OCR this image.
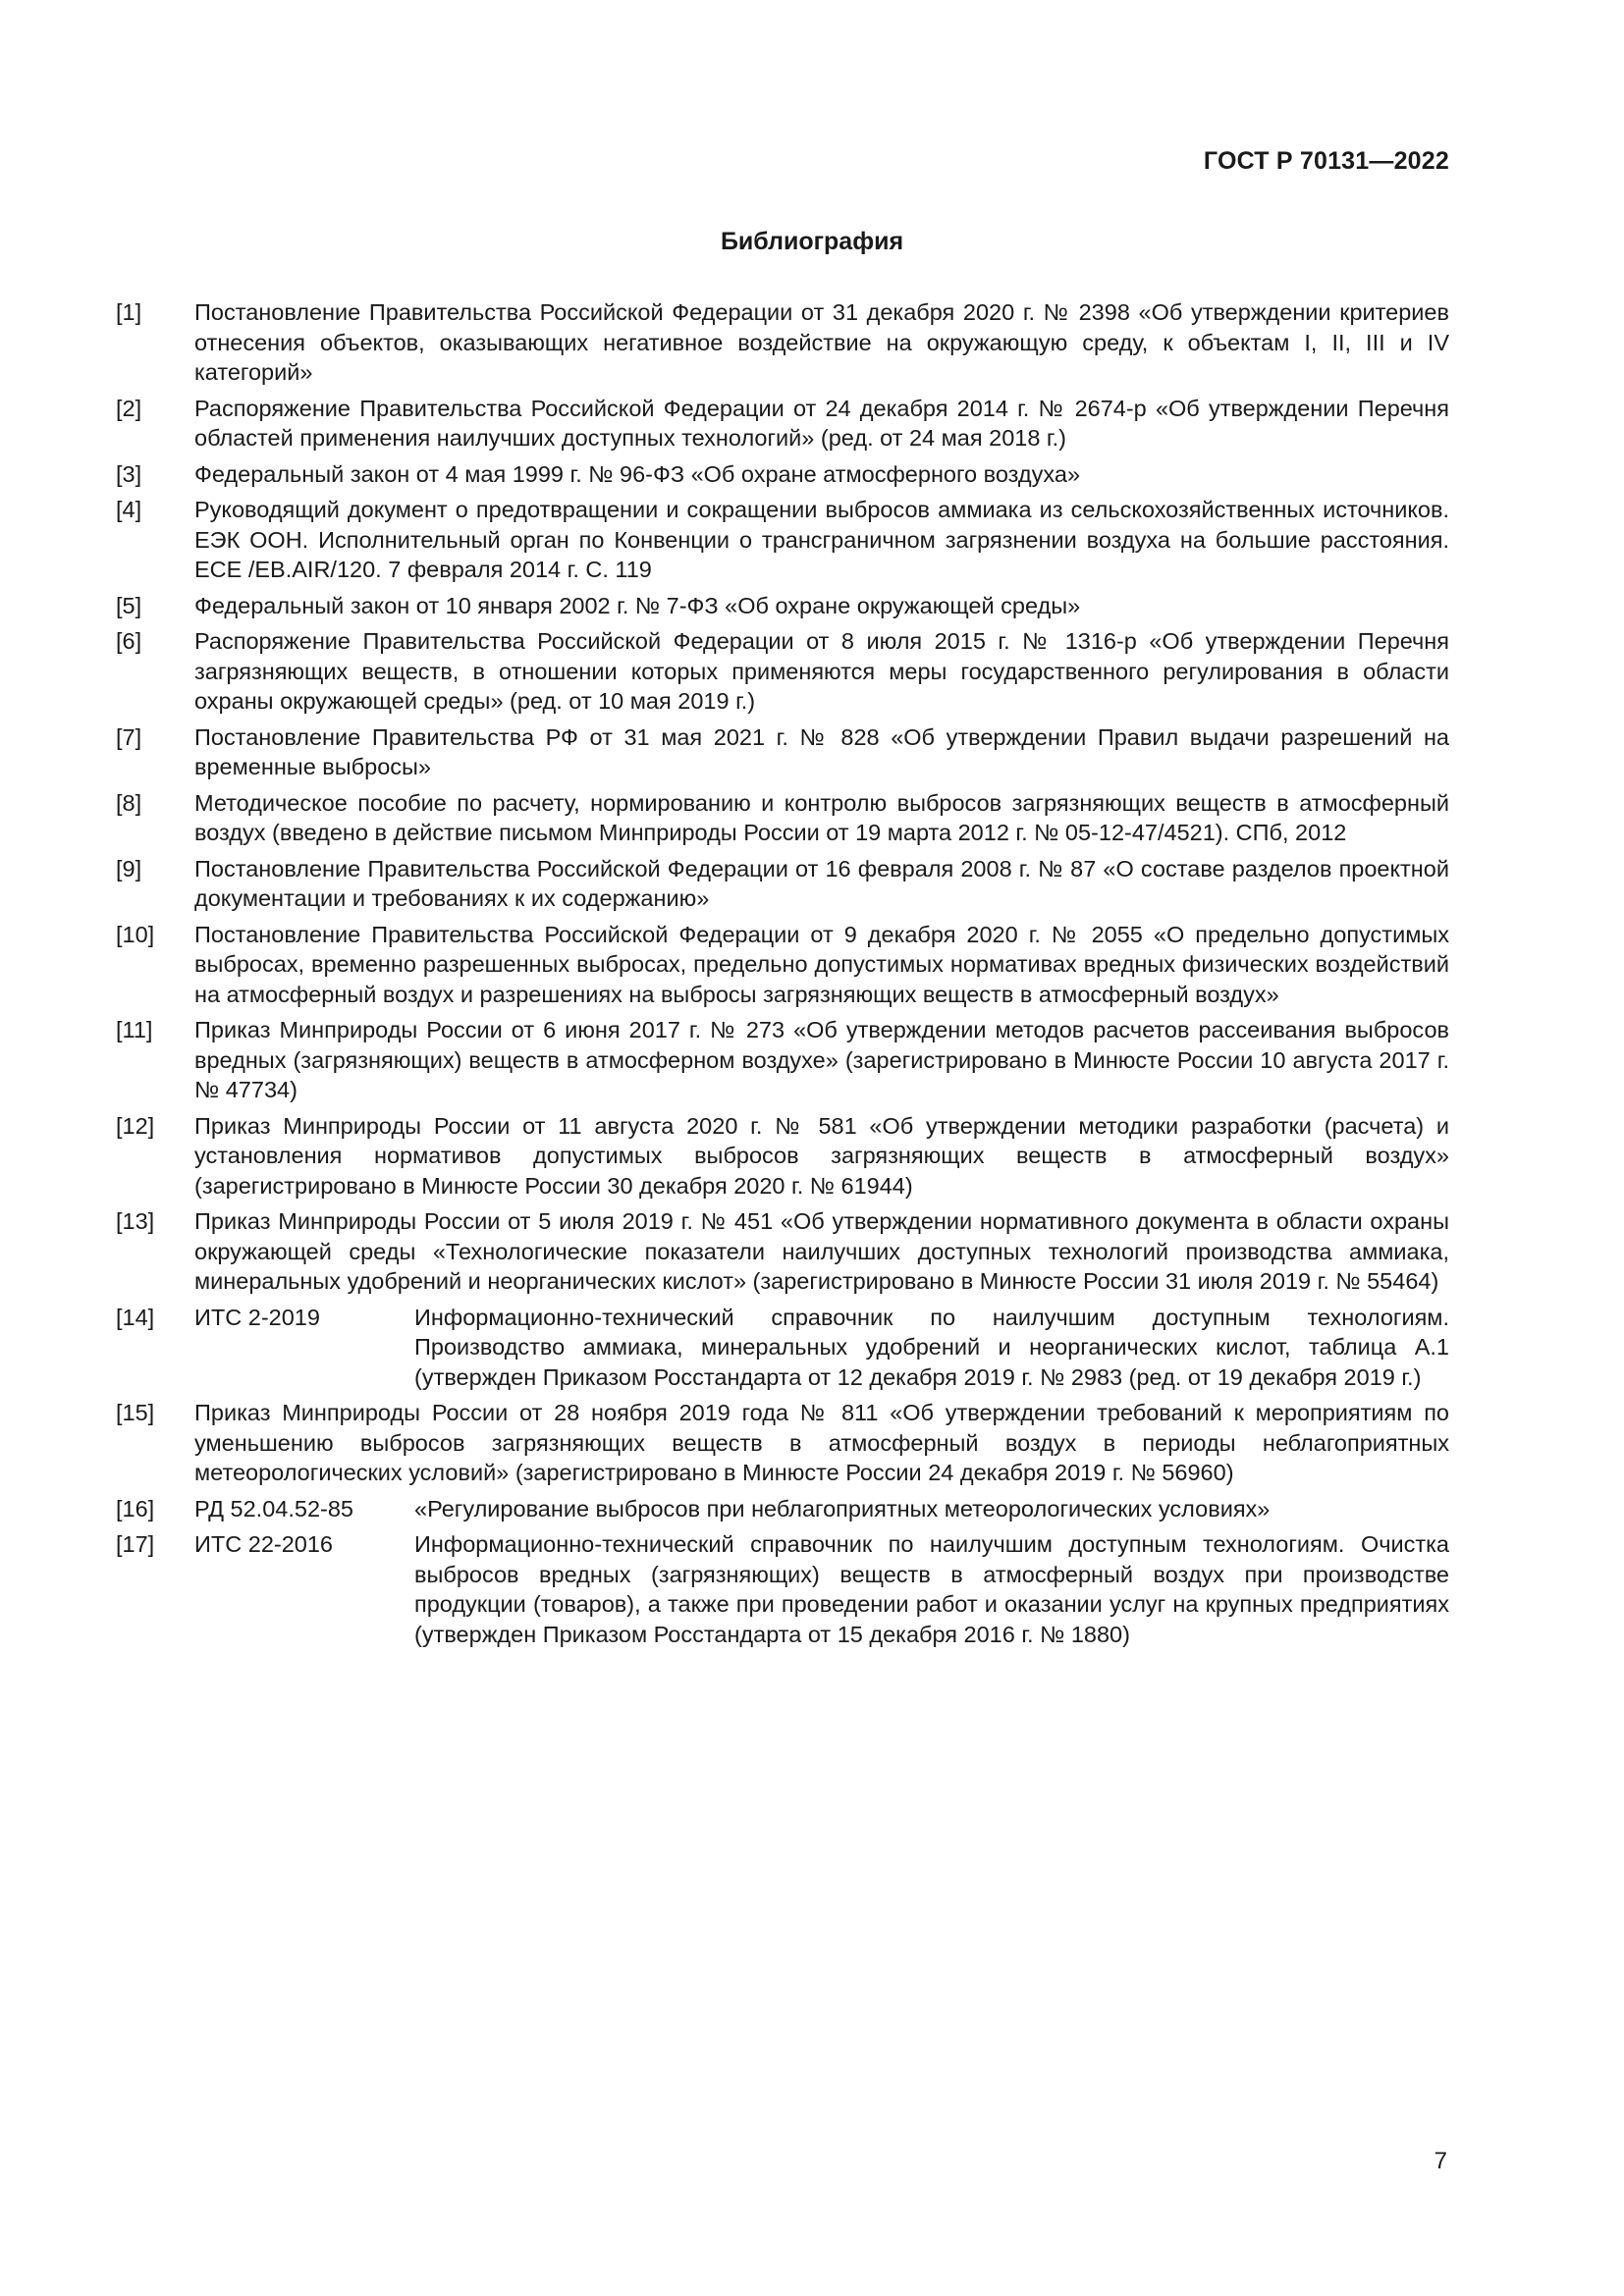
ГОСТ Р 70131—2022
Библиография
[1] Постановление Правительства Российской Федерации от 31 декабря 2020 г. № 2398 «Об утверждении критериев отнесения объектов, оказывающих негативное воздействие на окружающую среду, к объектам I, II, III и IV категорий»
[2] Распоряжение Правительства Российской Федерации от 24 декабря 2014 г. № 2674-р «Об утверждении Перечня областей применения наилучших доступных технологий» (ред. от 24 мая 2018 г.)
[3] Федеральный закон от 4 мая 1999 г. № 96-ФЗ «Об охране атмосферного воздуха»
[4] Руководящий документ о предотвращении и сокращении выбросов аммиака из сельскохозяйственных источников. ЕЭК ООН. Исполнительный орган по Конвенции о трансграничном загрязнении воздуха на большие расстояния. ECE /EB.AIR/120. 7 февраля 2014 г. С. 119
[5] Федеральный закон от 10 января 2002 г. № 7-ФЗ «Об охране окружающей среды»
[6] Распоряжение Правительства Российской Федерации от 8 июля 2015 г. № 1316-р «Об утверждении Перечня загрязняющих веществ, в отношении которых применяются меры государственного регулирования в области охраны окружающей среды» (ред. от 10 мая 2019 г.)
[7] Постановление Правительства РФ от 31 мая 2021 г. № 828 «Об утверждении Правил выдачи разрешений на временные выбросы»
[8] Методическое пособие по расчету, нормированию и контролю выбросов загрязняющих веществ в атмосферный воздух (введено в действие письмом Минприроды России от 19 марта 2012 г. № 05-12-47/4521). СПб, 2012
[9] Постановление Правительства Российской Федерации от 16 февраля 2008 г. № 87 «О составе разделов проектной документации и требованиях к их содержанию»
[10] Постановление Правительства Российской Федерации от 9 декабря 2020 г. № 2055 «О предельно допустимых выбросах, временно разрешенных выбросах, предельно допустимых нормативах вредных физических воздействий на атмосферный воздух и разрешениях на выбросы загрязняющих веществ в атмосферный воздух»
[11] Приказ Минприроды России от 6 июня 2017 г. № 273 «Об утверждении методов расчетов рассеивания выбросов вредных (загрязняющих) веществ в атмосферном воздухе» (зарегистрировано в Минюсте России 10 августа 2017 г. № 47734)
[12] Приказ Минприроды России от 11 августа 2020 г. № 581 «Об утверждении методики разработки (расчета) и установления нормативов допустимых выбросов загрязняющих веществ в атмосферный воздух» (зарегистрировано в Минюсте России 30 декабря 2020 г. № 61944)
[13] Приказ Минприроды России от 5 июля 2019 г. № 451 «Об утверждении нормативного документа в области охраны окружающей среды «Технологические показатели наилучших доступных технологий производства аммиака, минеральных удобрений и неорганических кислот» (зарегистрировано в Минюсте России 31 июля 2019 г. № 55464)
[14] ИТС 2-2019	Информационно-технический справочник по наилучшим доступным технологиям. Производство аммиака, минеральных удобрений и неорганических кислот, таблица А.1 (утвержден Приказом Росстандарта от 12 декабря 2019 г. № 2983 (ред. от 19 декабря 2019 г.)
[15] Приказ Минприроды России от 28 ноября 2019 года № 811 «Об утверждении требований к мероприятиям по уменьшению выбросов загрязняющих веществ в атмосферный воздух в периоды неблагоприятных метеорологических условий» (зарегистрировано в Минюсте России 24 декабря 2019 г. № 56960)
[16] РД 52.04.52-85	«Регулирование выбросов при неблагоприятных метеорологических условиях»
[17] ИТС 22-2016	Информационно-технический справочник по наилучшим доступным технологиям. Очистка выбросов вредных (загрязняющих) веществ в атмосферный воздух при производстве продукции (товаров), а также при проведении работ и оказании услуг на крупных предприятиях (утвержден Приказом Росстандарта от 15 декабря 2016 г. № 1880)
7
